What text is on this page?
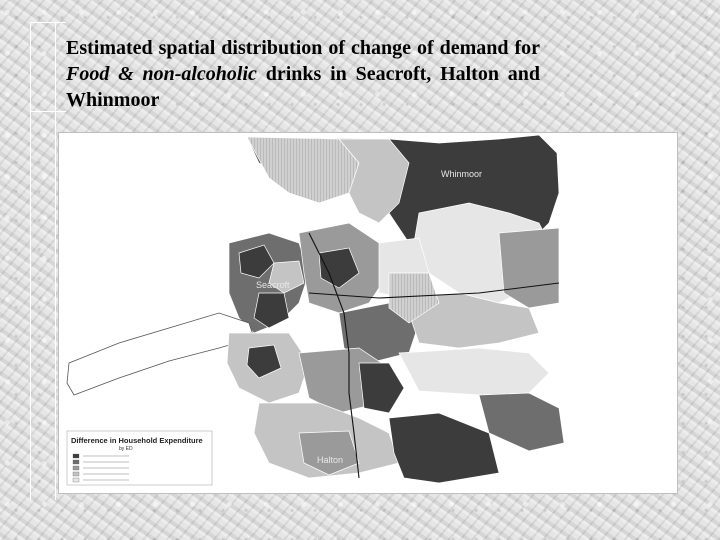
Estimated spatial distribution of change of demand for Food & non-alcoholic drinks in Seacroft, Halton and Whinmoor
Whinmoor
Seacroft
Halton
Difference in Household Expenditure
by ED
